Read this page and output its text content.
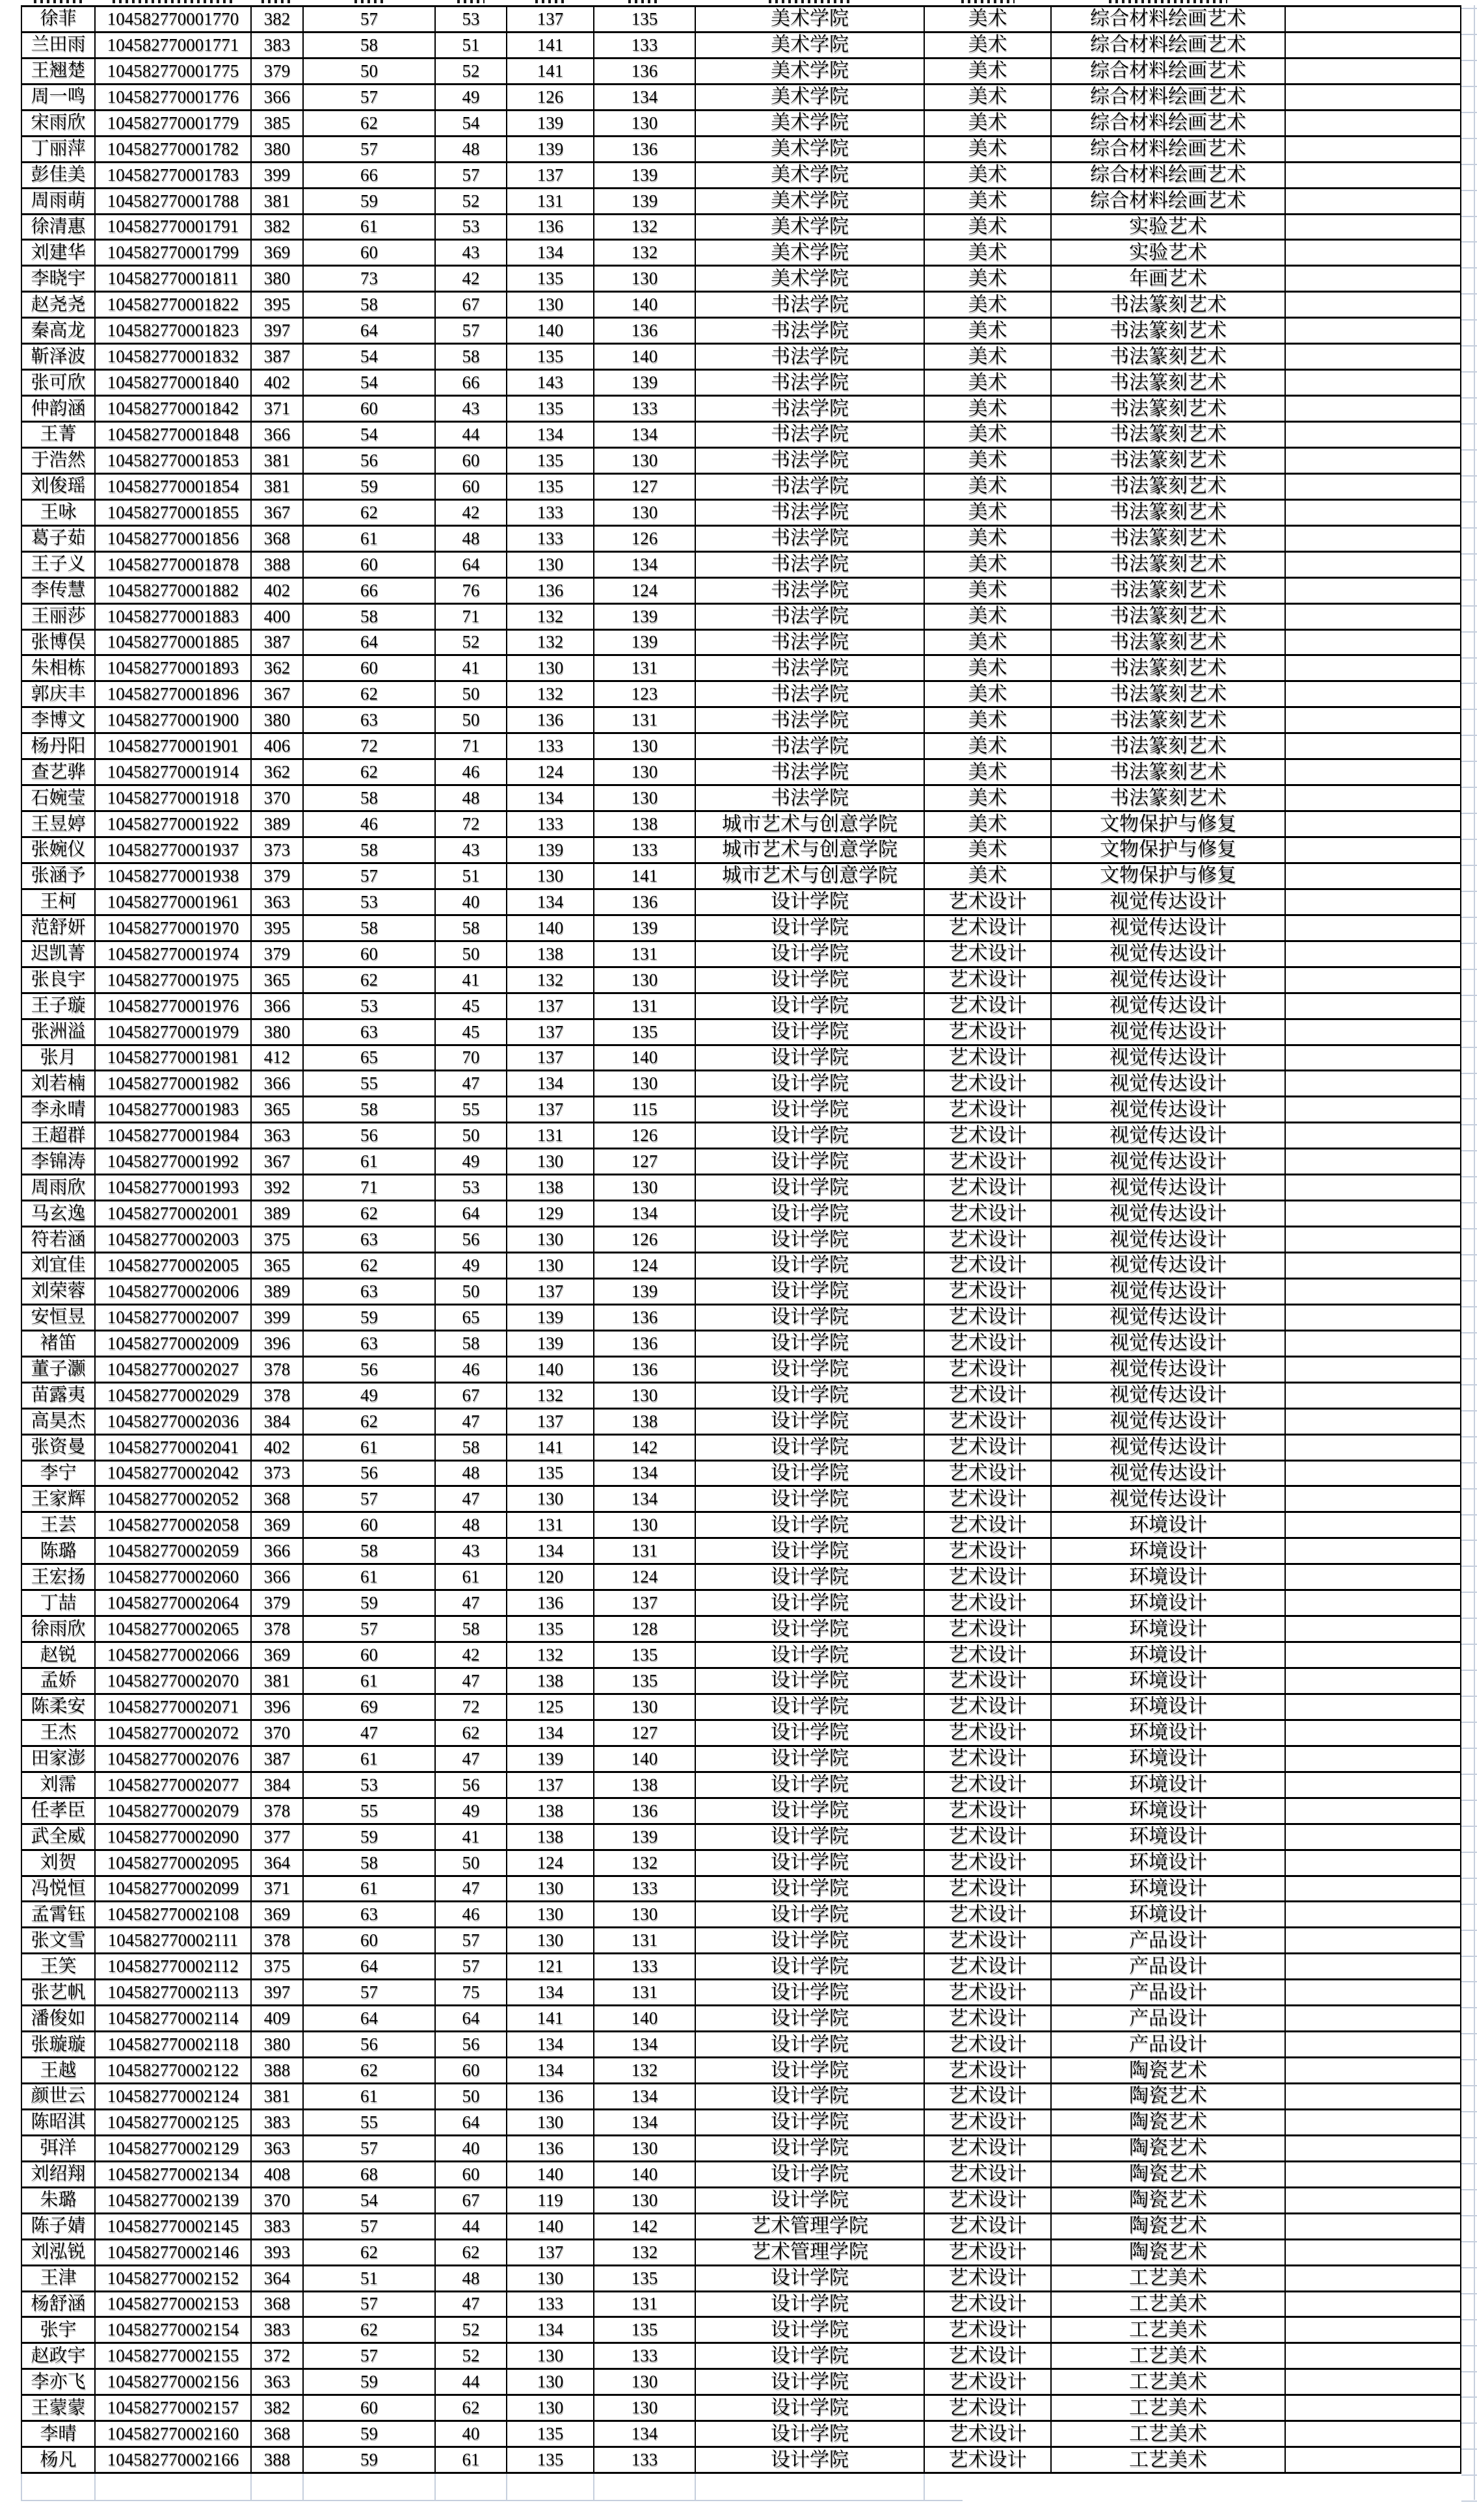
徐菲	104582770001770	382	57	53	137	135	美术学院	美术	综合材料绘画艺术
兰田雨	104582770001771	383	58	51	141	133	美术学院	美术	综合材料绘画艺术
王翘楚	104582770001775	379	50	52	141	136	美术学院	美术	综合材料绘画艺术
周一鸣	104582770001776	366	57	49	126	134	美术学院	美术	综合材料绘画艺术
宋雨欣	104582770001779	385	62	54	139	130	美术学院	美术	综合材料绘画艺术
丁丽萍	104582770001782	380	57	48	139	136	美术学院	美术	综合材料绘画艺术
彭佳美	104582770001783	399	66	57	137	139	美术学院	美术	综合材料绘画艺术
周雨萌	104582770001788	381	59	52	131	139	美术学院	美术	综合材料绘画艺术
徐清惠	104582770001791	382	61	53	136	132	美术学院	美术	实验艺术
刘建华	104582770001799	369	60	43	134	132	美术学院	美术	实验艺术
李晓宇	104582770001811	380	73	42	135	130	美术学院	美术	年画艺术
赵尧尧	104582770001822	395	58	67	130	140	书法学院	美术	书法篆刻艺术
秦高龙	104582770001823	397	64	57	140	136	书法学院	美术	书法篆刻艺术
靳泽波	104582770001832	387	54	58	135	140	书法学院	美术	书法篆刻艺术
张可欣	104582770001840	402	54	66	143	139	书法学院	美术	书法篆刻艺术
仲韵涵	104582770001842	371	60	43	135	133	书法学院	美术	书法篆刻艺术
王菁	104582770001848	366	54	44	134	134	书法学院	美术	书法篆刻艺术
于浩然	104582770001853	381	56	60	135	130	书法学院	美术	书法篆刻艺术
刘俊瑶	104582770001854	381	59	60	135	127	书法学院	美术	书法篆刻艺术
王咏	104582770001855	367	62	42	133	130	书法学院	美术	书法篆刻艺术
葛子茹	104582770001856	368	61	48	133	126	书法学院	美术	书法篆刻艺术
王子义	104582770001878	388	60	64	130	134	书法学院	美术	书法篆刻艺术
李传慧	104582770001882	402	66	76	136	124	书法学院	美术	书法篆刻艺术
王丽莎	104582770001883	400	58	71	132	139	书法学院	美术	书法篆刻艺术
张博俣	104582770001885	387	64	52	132	139	书法学院	美术	书法篆刻艺术
朱相栋	104582770001893	362	60	41	130	131	书法学院	美术	书法篆刻艺术
郭庆丰	104582770001896	367	62	50	132	123	书法学院	美术	书法篆刻艺术
李博文	104582770001900	380	63	50	136	131	书法学院	美术	书法篆刻艺术
杨丹阳	104582770001901	406	72	71	133	130	书法学院	美术	书法篆刻艺术
查艺骅	104582770001914	362	62	46	124	130	书法学院	美术	书法篆刻艺术
石婉莹	104582770001918	370	58	48	134	130	书法学院	美术	书法篆刻艺术
王昱婷	104582770001922	389	46	72	133	138	城市艺术与创意学院	美术	文物保护与修复
张婉仪	104582770001937	373	58	43	139	133	城市艺术与创意学院	美术	文物保护与修复
张涵予	104582770001938	379	57	51	130	141	城市艺术与创意学院	美术	文物保护与修复
王柯	104582770001961	363	53	40	134	136	设计学院	艺术设计	视觉传达设计
范舒妍	104582770001970	395	58	58	140	139	设计学院	艺术设计	视觉传达设计
迟凯菁	104582770001974	379	60	50	138	131	设计学院	艺术设计	视觉传达设计
张良宇	104582770001975	365	62	41	132	130	设计学院	艺术设计	视觉传达设计
王子璇	104582770001976	366	53	45	137	131	设计学院	艺术设计	视觉传达设计
张洲溢	104582770001979	380	63	45	137	135	设计学院	艺术设计	视觉传达设计
张月	104582770001981	412	65	70	137	140	设计学院	艺术设计	视觉传达设计
刘若楠	104582770001982	366	55	47	134	130	设计学院	艺术设计	视觉传达设计
李永晴	104582770001983	365	58	55	137	115	设计学院	艺术设计	视觉传达设计
王超群	104582770001984	363	56	50	131	126	设计学院	艺术设计	视觉传达设计
李锦涛	104582770001992	367	61	49	130	127	设计学院	艺术设计	视觉传达设计
周雨欣	104582770001993	392	71	53	138	130	设计学院	艺术设计	视觉传达设计
马玄逸	104582770002001	389	62	64	129	134	设计学院	艺术设计	视觉传达设计
符若涵	104582770002003	375	63	56	130	126	设计学院	艺术设计	视觉传达设计
刘宜佳	104582770002005	365	62	49	130	124	设计学院	艺术设计	视觉传达设计
刘荣蓉	104582770002006	389	63	50	137	139	设计学院	艺术设计	视觉传达设计
安恒昱	104582770002007	399	59	65	139	136	设计学院	艺术设计	视觉传达设计
褚笛	104582770002009	396	63	58	139	136	设计学院	艺术设计	视觉传达设计
董子灏	104582770002027	378	56	46	140	136	设计学院	艺术设计	视觉传达设计
苗露夷	104582770002029	378	49	67	132	130	设计学院	艺术设计	视觉传达设计
高昊杰	104582770002036	384	62	47	137	138	设计学院	艺术设计	视觉传达设计
张资曼	104582770002041	402	61	58	141	142	设计学院	艺术设计	视觉传达设计
李宁	104582770002042	373	56	48	135	134	设计学院	艺术设计	视觉传达设计
王家辉	104582770002052	368	57	47	130	134	设计学院	艺术设计	视觉传达设计
王芸	104582770002058	369	60	48	131	130	设计学院	艺术设计	环境设计
陈璐	104582770002059	366	58	43	134	131	设计学院	艺术设计	环境设计
王宏扬	104582770002060	366	61	61	120	124	设计学院	艺术设计	环境设计
丁喆	104582770002064	379	59	47	136	137	设计学院	艺术设计	环境设计
徐雨欣	104582770002065	378	57	58	135	128	设计学院	艺术设计	环境设计
赵锐	104582770002066	369	60	42	132	135	设计学院	艺术设计	环境设计
孟娇	104582770002070	381	61	47	138	135	设计学院	艺术设计	环境设计
陈柔安	104582770002071	396	69	72	125	130	设计学院	艺术设计	环境设计
王杰	104582770002072	370	47	62	134	127	设计学院	艺术设计	环境设计
田家澎	104582770002076	387	61	47	139	140	设计学院	艺术设计	环境设计
刘霈	104582770002077	384	53	56	137	138	设计学院	艺术设计	环境设计
任孝臣	104582770002079	378	55	49	138	136	设计学院	艺术设计	环境设计
武全威	104582770002090	377	59	41	138	139	设计学院	艺术设计	环境设计
刘贺	104582770002095	364	58	50	124	132	设计学院	艺术设计	环境设计
冯悦恒	104582770002099	371	61	47	130	133	设计学院	艺术设计	环境设计
孟霄钰	104582770002108	369	63	46	130	130	设计学院	艺术设计	环境设计
张文雪	104582770002111	378	60	57	130	131	设计学院	艺术设计	产品设计
王笑	104582770002112	375	64	57	121	133	设计学院	艺术设计	产品设计
张艺帆	104582770002113	397	57	75	134	131	设计学院	艺术设计	产品设计
潘俊如	104582770002114	409	64	64	141	140	设计学院	艺术设计	产品设计
张璇璇	104582770002118	380	56	56	134	134	设计学院	艺术设计	产品设计
王越	104582770002122	388	62	60	134	132	设计学院	艺术设计	陶瓷艺术
颜世云	104582770002124	381	61	50	136	134	设计学院	艺术设计	陶瓷艺术
陈昭淇	104582770002125	383	55	64	130	134	设计学院	艺术设计	陶瓷艺术
弭洋	104582770002129	363	57	40	136	130	设计学院	艺术设计	陶瓷艺术
刘绍翔	104582770002134	408	68	60	140	140	设计学院	艺术设计	陶瓷艺术
朱璐	104582770002139	370	54	67	119	130	设计学院	艺术设计	陶瓷艺术
陈子婧	104582770002145	383	57	44	140	142	艺术管理学院	艺术设计	陶瓷艺术
刘泓锐	104582770002146	393	62	62	137	132	艺术管理学院	艺术设计	陶瓷艺术
王津	104582770002152	364	51	48	130	135	设计学院	艺术设计	工艺美术
杨舒涵	104582770002153	368	57	47	133	131	设计学院	艺术设计	工艺美术
张宇	104582770002154	383	62	52	134	135	设计学院	艺术设计	工艺美术
赵政宇	104582770002155	372	57	52	130	133	设计学院	艺术设计	工艺美术
李亦飞	104582770002156	363	59	44	130	130	设计学院	艺术设计	工艺美术
王蒙蒙	104582770002157	382	60	62	130	130	设计学院	艺术设计	工艺美术
李晴	104582770002160	368	59	40	135	134	设计学院	艺术设计	工艺美术
杨凡	104582770002166	388	59	61	135	133	设计学院	艺术设计	工艺美术
